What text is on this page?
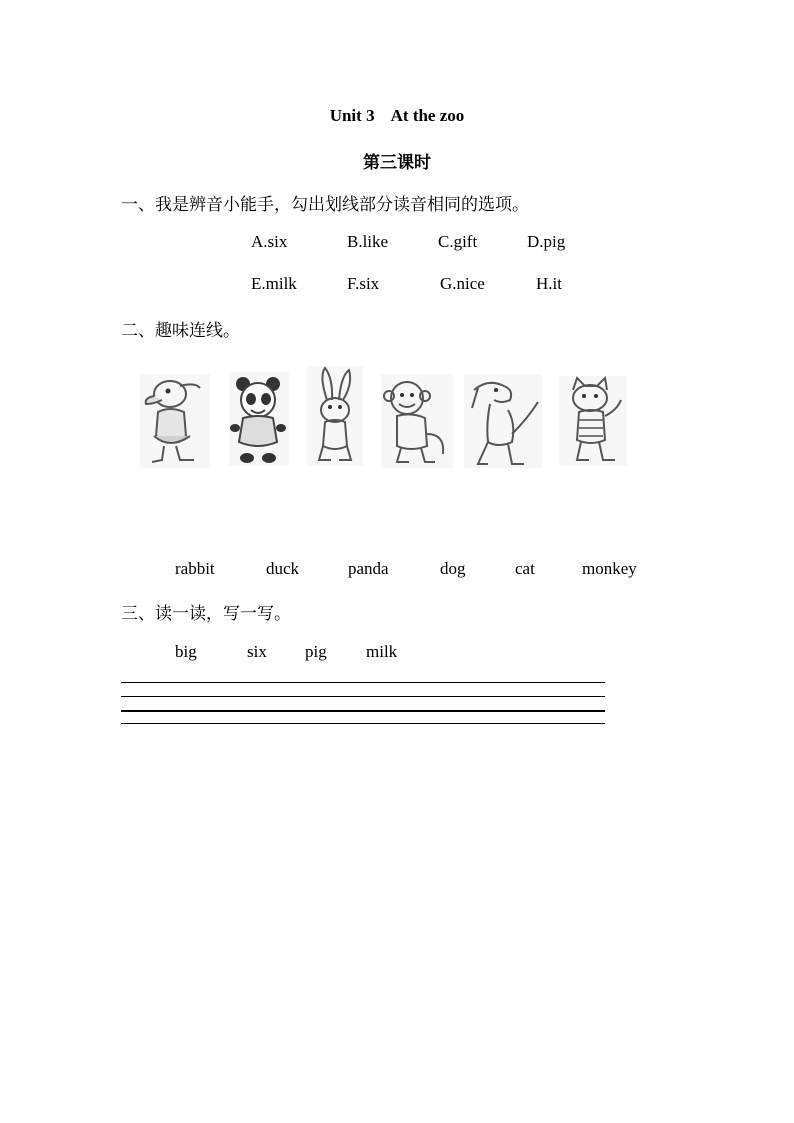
Unit 3    At the zoo
第三课时
一、我是辨音小能手，勾出划线部分读音相同的选项。
A.six	B.like	C.gift	D.pig
E.milk	F.six	G.nice	H.it
二、趣味连线。
rabbit	duck	panda	dog	cat	monkey
三、读一读，写一写。
big	six pig milk
